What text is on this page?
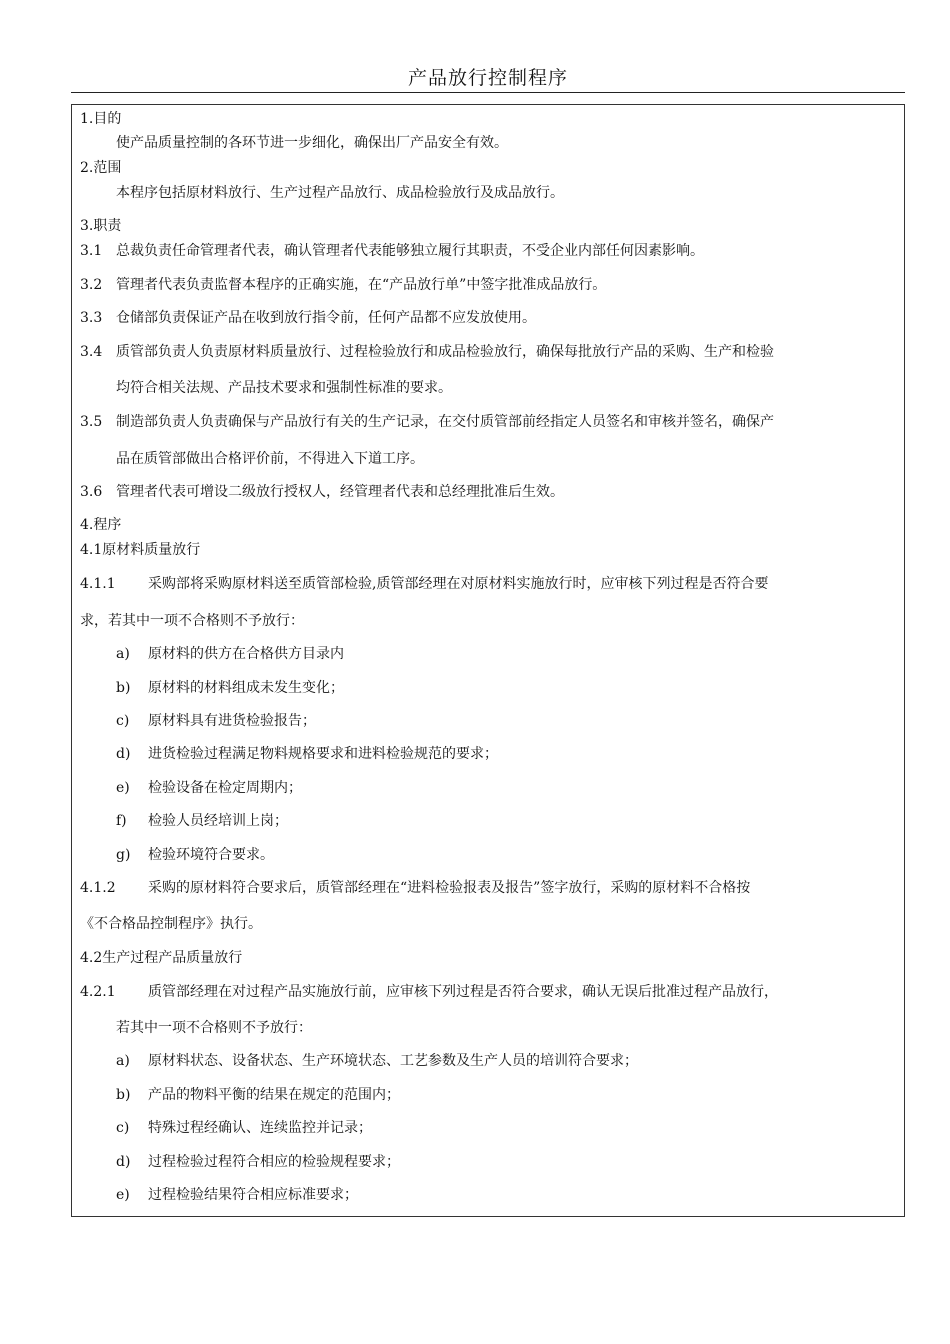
产品放行控制程序
1.目的
使产品质量控制的各环节进一步细化，确保出厂产品安全有效。
2.范围
本程序包括原材料放行、生产过程产品放行、成品检验放行及成品放行。
3.职责
3.1 总裁负责任命管理者代表，确认管理者代表能够独立履行其职责，不受企业内部任何因素影响。
3.2 管理者代表负责监督本程序的正确实施，在“产品放行单”中签字批准成品放行。
3.3 仓储部负责保证产品在收到放行指令前，任何产品都不应发放使用。
3.4 质管部负责人负责原材料质量放行、过程检验放行和成品检验放行，确保每批放行产品的采购、生产和检验
均符合相关法规、产品技术要求和强制性标准的要求。
3.5 制造部负责人负责确保与产品放行有关的生产记录，在交付质管部前经指定人员签名和审核并签名，确保产
品在质管部做出合格评价前，不得进入下道工序。
3.6 管理者代表可增设二级放行授权人，经管理者代表和总经理批准后生效。
4.程序
4.1原材料质量放行
4.1.1 采购部将采购原材料送至质管部检验,质管部经理在对原材料实施放行时，应审核下列过程是否符合要
求，若其中一项不合格则不予放行：
a) 原材料的供方在合格供方目录内
b) 原材料的材料组成未发生变化；
c) 原材料具有进货检验报告；
d) 进货检验过程满足物料规格要求和进料检验规范的要求；
e) 检验设备在检定周期内；
f) 检验人员经培训上岗；
g) 检验环境符合要求。
4.1.2 采购的原材料符合要求后，质管部经理在“进料检验报表及报告”签字放行，采购的原材料不合格按
《不合格品控制程序》执行。
4.2生产过程产品质量放行
4.2.1 质管部经理在对过程产品实施放行前，应审核下列过程是否符合要求，确认无误后批准过程产品放行，
若其中一项不合格则不予放行：
a) 原材料状态、设备状态、生产环境状态、工艺参数及生产人员的培训符合要求；
b) 产品的物料平衡的结果在规定的范围内；
c) 特殊过程经确认、连续监控并记录；
d) 过程检验过程符合相应的检验规程要求；
e) 过程检验结果符合相应标准要求；
